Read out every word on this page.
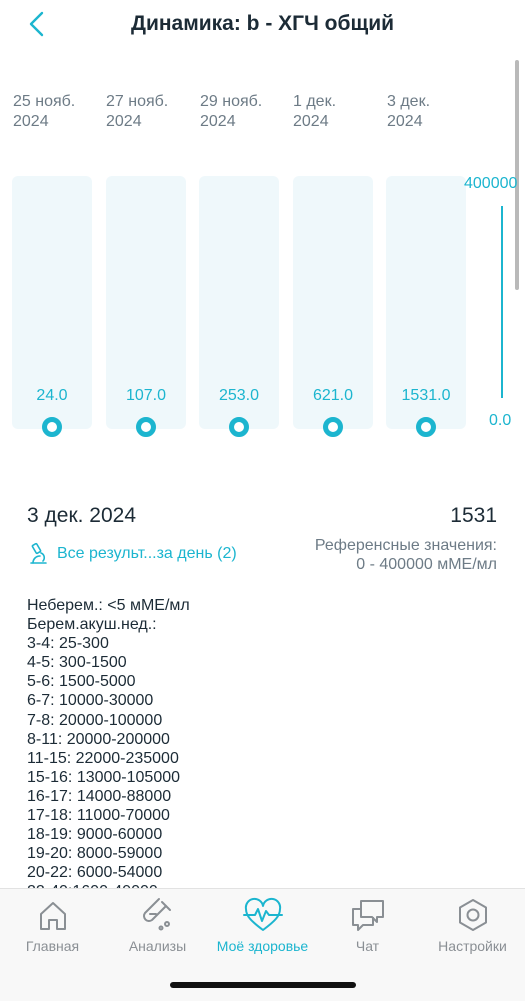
Динамика: b - ХГЧ общий
25 нояб.
2024
27 нояб.
2024
29 нояб.
2024
1 дек.
2024
3 дек.
2024
24.0	107.0	253.0	621.0	1531.0
400000
0.0
3 дек. 2024	1531
Все результ...за день (2)	Референсные значения:
0 - 400000 мМЕ/мл
Неберем.: <5 мМЕ/мл
Берем.акуш.нед.:
3-4: 25-300
4-5: 300-1500
5-6: 1500-5000
6-7: 10000-30000
7-8: 20000-100000
8-11: 20000-200000
11-15: 22000-235000
15-16: 13000-105000
16-17: 14000-88000
17-18: 11000-70000
18-19: 9000-60000
19-20: 8000-59000
20-22: 6000-54000
Главная	Анализы	Моё здоровье	Чат	Настройки
